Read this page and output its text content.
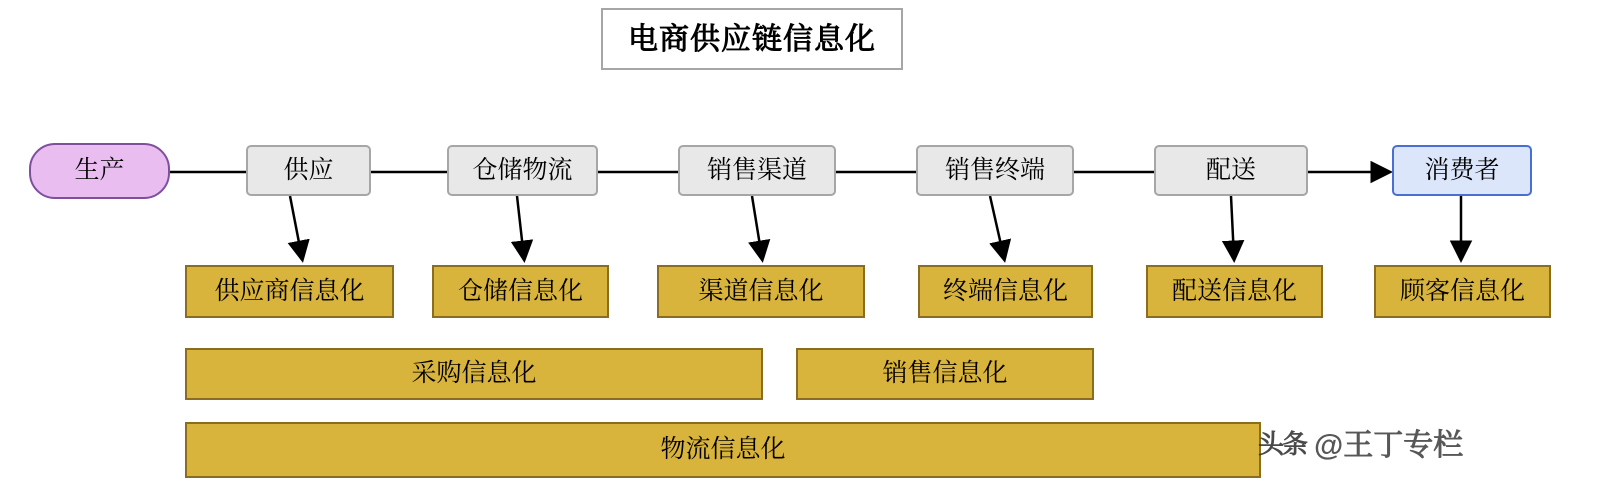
电商供应链信息化
生产	供应	仓储物流	销售渠道	销售终端	配送	消费者
供应商信息化	仓储信息化	渠道信息化	终端信息化	配送信息化	顾客信息化
采购信息化	销售信息化
物流信息化	头条 @王丁专栏
